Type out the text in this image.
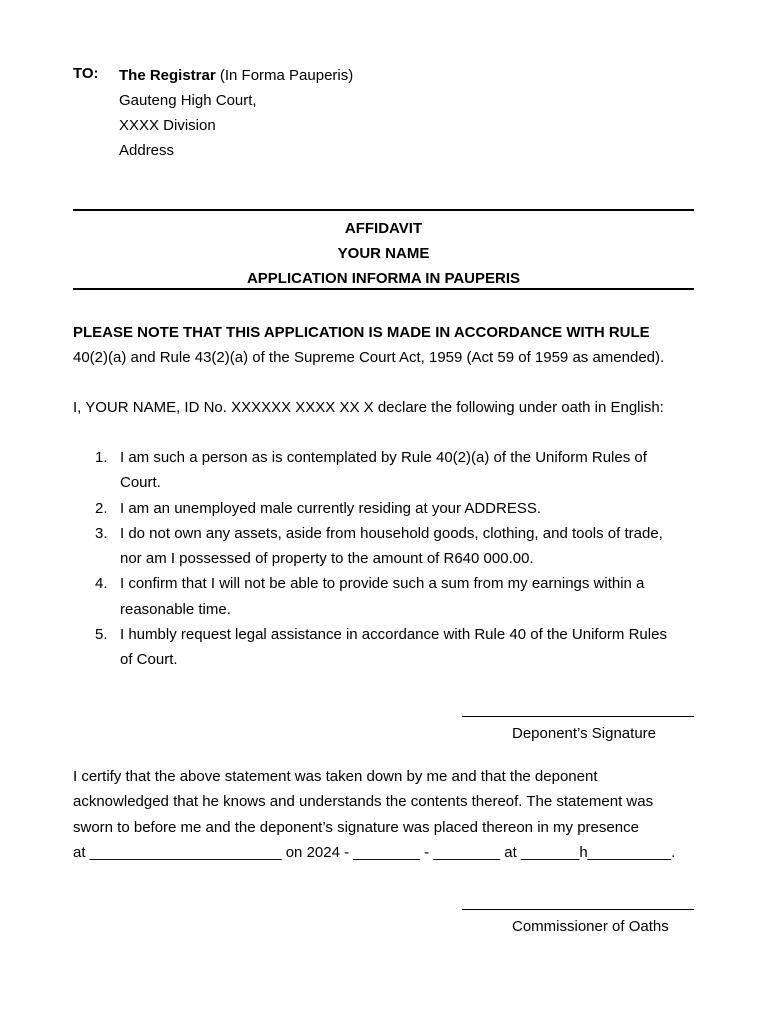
TO: The Registrar (In Forma Pauperis)
Gauteng High Court,
XXXX Division
Address
AFFIDAVIT
YOUR NAME
APPLICATION INFORMA IN PAUPERIS
PLEASE NOTE THAT THIS APPLICATION IS MADE IN ACCORDANCE WITH RULE
40(2)(a) and Rule 43(2)(a) of the Supreme Court Act, 1959 (Act 59 of 1959 as amended).
I, YOUR NAME, ID No. XXXXXX XXXX XX X declare the following under oath in English:
1. I am such a person as is contemplated by Rule 40(2)(a) of the Uniform Rules of
Court.
2. I am an unemployed male currently residing at your ADDRESS.
3. I do not own any assets, aside from household goods, clothing, and tools of trade,
nor am I possessed of property to the amount of R640 000.00.
4. I confirm that I will not be able to provide such a sum from my earnings within a
reasonable time.
5. I humbly request legal assistance in accordance with Rule 40 of the Uniform Rules
of Court.
Deponent’s Signature
I certify that the above statement was taken down by me and that the deponent
acknowledged that he knows and understands the contents thereof. The statement was
sworn to before me and the deponent’s signature was placed thereon in my presence
at _______________________ on 2024 - ________ - ________ at _______h__________.
Commissioner of Oaths
